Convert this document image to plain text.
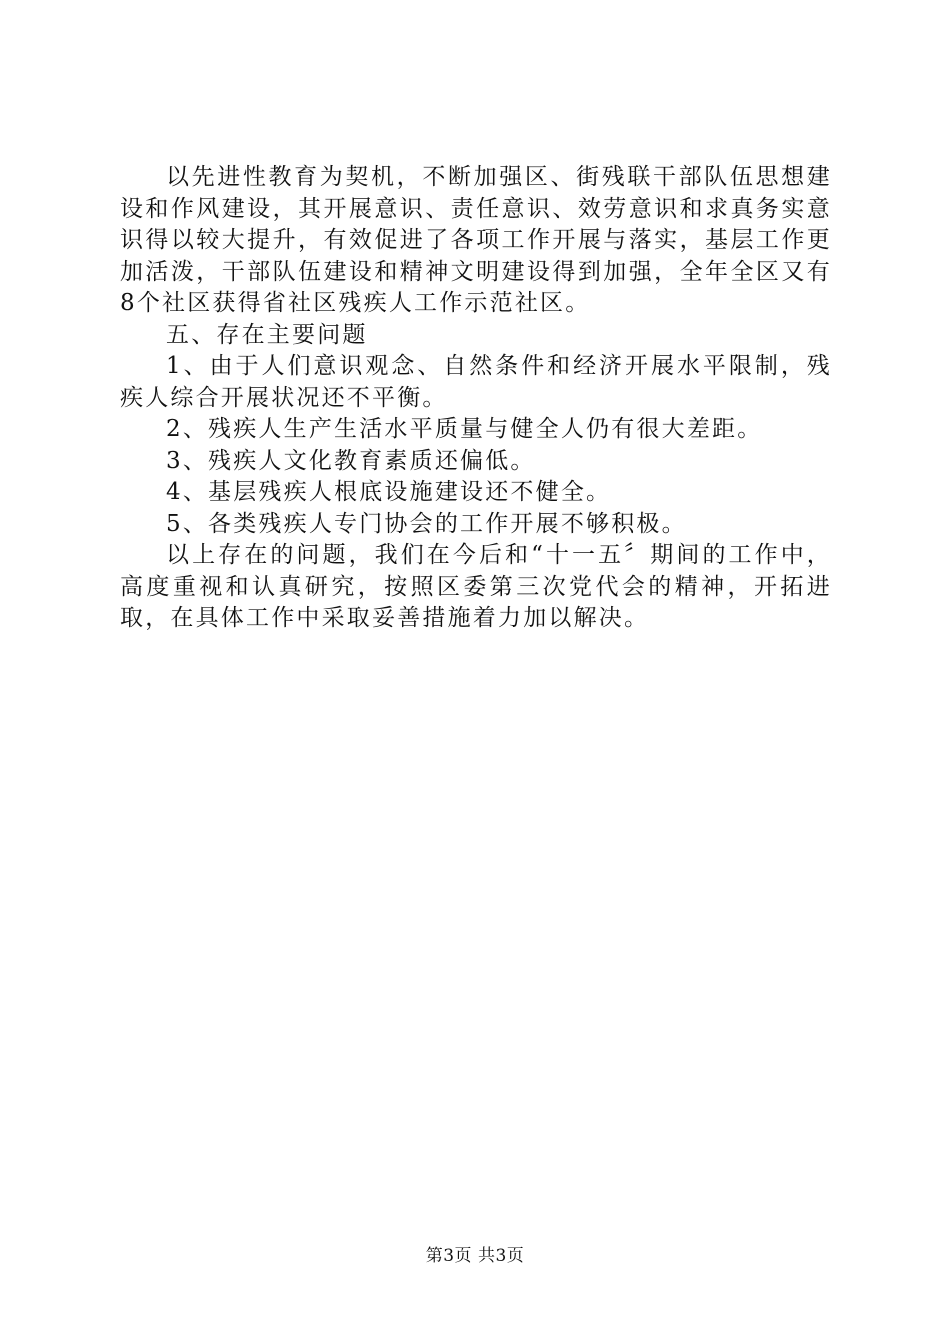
以先进性教育为契机，不断加强区、街残联干部队伍思想建设和作风建设，其开展意识、责任意识、效劳意识和求真务实意识得以较大提升，有效促进了各项工作开展与落实，基层工作更加活泼，干部队伍建设和精神文明建设得到加强，全年全区又有8个社区获得省社区残疾人工作示范社区。

五、存在主要问题

1、由于人们意识观念、自然条件和经济开展水平限制，残疾人综合开展状况还不平衡。

2、残疾人生产生活水平质量与健全人仍有很大差距。

3、残疾人文化教育素质还偏低。

4、基层残疾人根底设施建设还不健全。

5、各类残疾人专门协会的工作开展不够积极。

以上存在的问题，我们在今后和“十一五〞期间的工作中，高度重视和认真研究，按照区委第三次党代会的精神，开拓进取，在具体工作中采取妥善措施着力加以解决。

第3页 共3页
